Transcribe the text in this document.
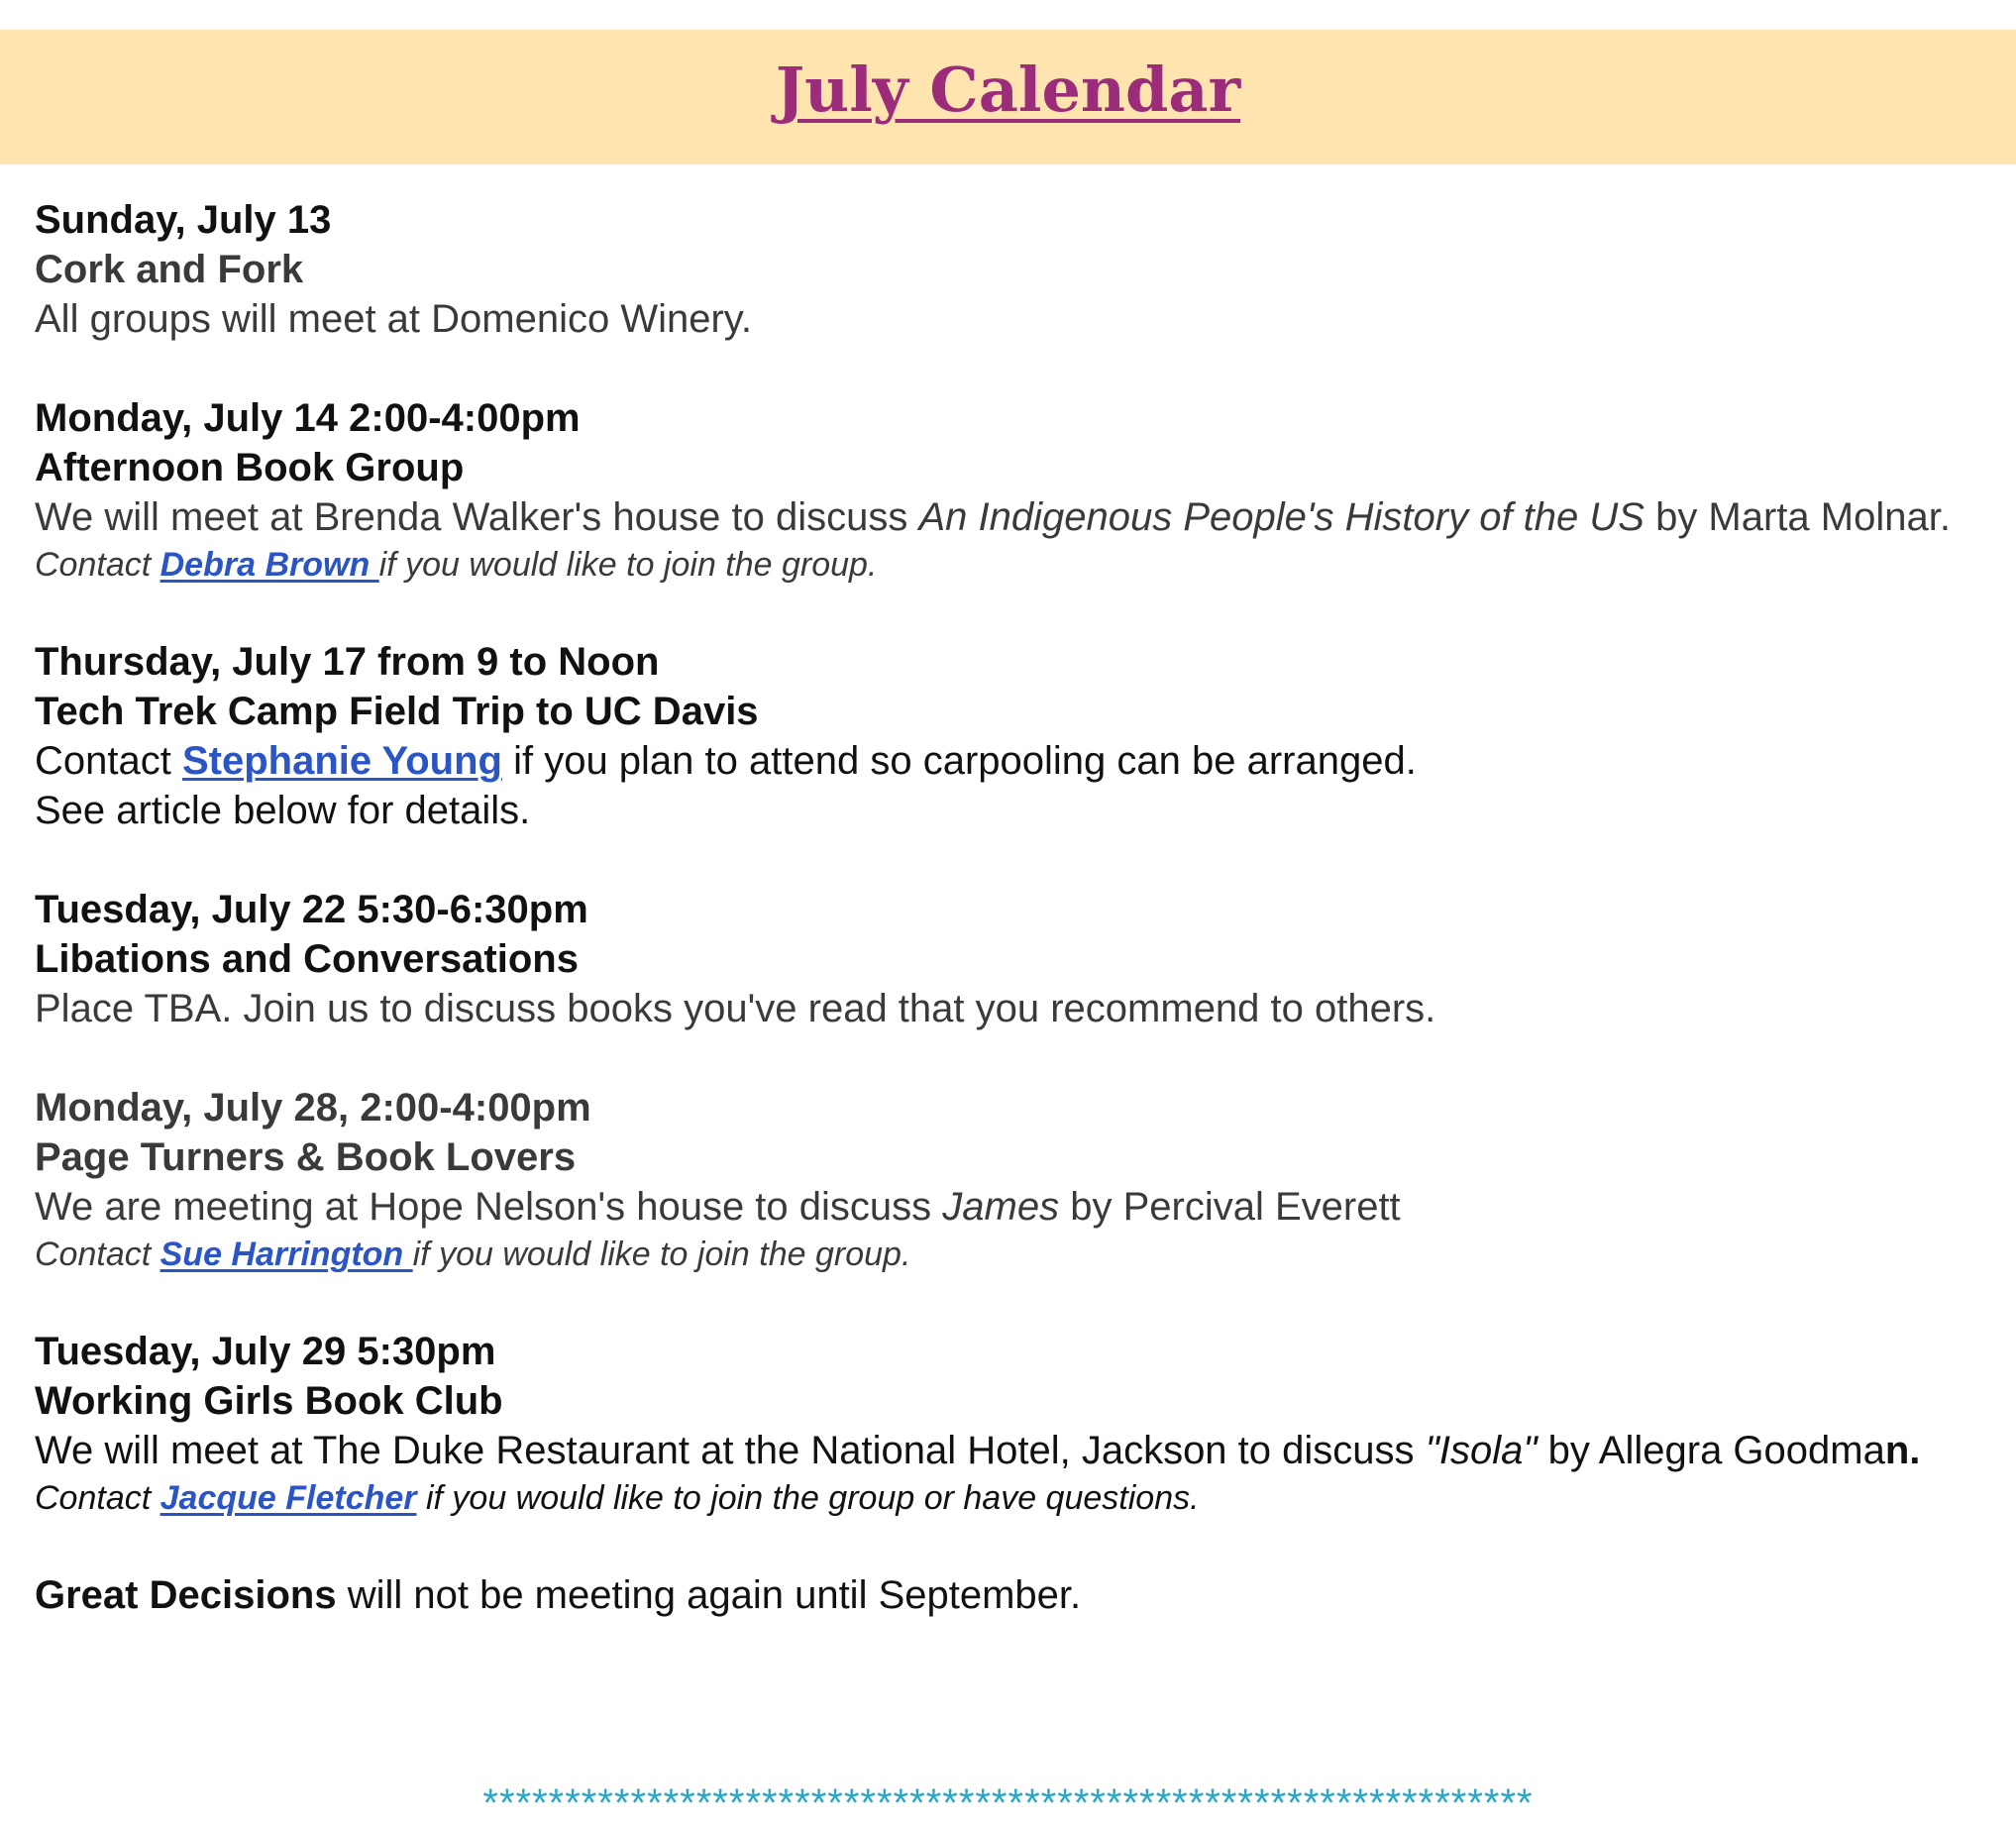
July Calendar
Sunday, July 13
Cork and Fork
All groups will meet at Domenico Winery.
Monday, July 14 2:00-4:00pm
Afternoon Book Group
We will meet at Brenda Walker's house to discuss An Indigenous People's History of the US by Marta Molnar.
Contact Debra Brown if you would like to join the group.
Thursday, July 17 from 9 to Noon
Tech Trek Camp Field Trip to UC Davis
Contact Stephanie Young if you plan to attend so carpooling can be arranged.
See article below for details.
Tuesday, July 22 5:30-6:30pm
Libations and Conversations
Place TBA. Join us to discuss books you've read that you recommend to others.
Monday, July 28, 2:00-4:00pm
Page Turners & Book Lovers
We are meeting at Hope Nelson's house to discuss James by Percival Everett
Contact Sue Harrington if you would like to join the group.
Tuesday, July 29 5:30pm
Working Girls Book Club
We will meet at The Duke Restaurant at the National Hotel, Jackson to discuss "Isola" by Allegra Goodman.
Contact Jacque Fletcher if you would like to join the group or have questions.
Great Decisions will not be meeting again until September.
****************************************************************
